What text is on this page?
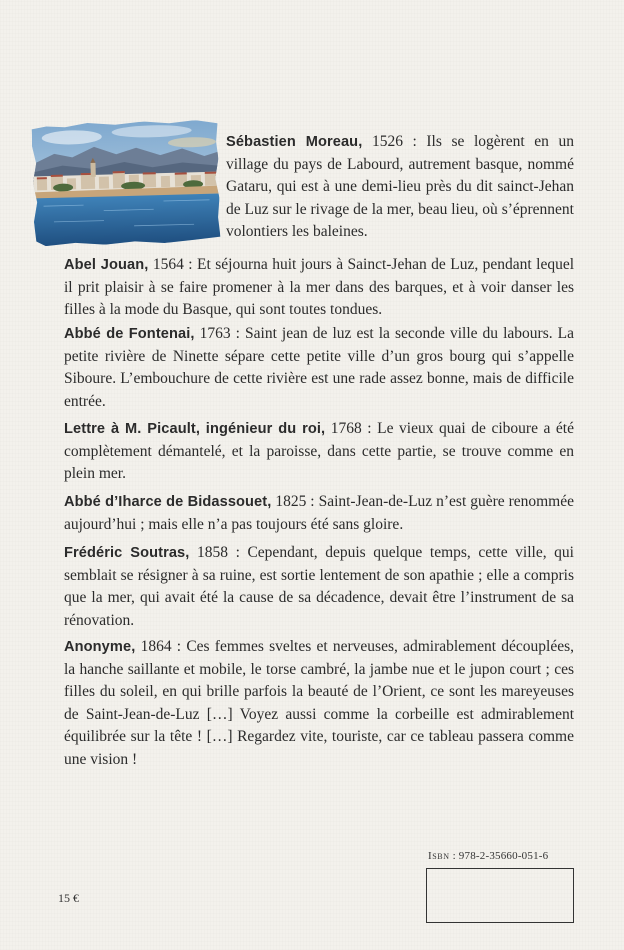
Sébastien Moreau, 1526 : Ils se logèrent en un village du pays de Labourd, autrement basque, nommé Gataru, qui est à une demi-lieu près du dit sainct-Jehan de Luz sur le rivage de la mer, beau lieu, où s’éprennent volontiers les baleines.
Abel Jouan, 1564 : Et séjourna huit jours à Sainct-Jehan de Luz, pendant lequel il prit plaisir à se faire promener à la mer dans des barques, et à voir danser les filles à la mode du Basque, qui sont toutes tondues.
Abbé de Fontenai, 1763 : Saint jean de luz est la seconde ville du labours. La petite rivière de Ninette sépare cette petite ville d’un gros bourg qui s’appelle Siboure. L’embouchure de cette rivière est une rade assez bonne, mais de difficile entrée.
Lettre à M. Picault, ingénieur du roi, 1768 : Le vieux quai de ciboure a été complètement démantelé, et la paroisse, dans cette partie, se trouve comme en plein mer.
Abbé d’Iharce de Bidassouet, 1825 : Saint-Jean-de-Luz n’est guère renommée aujourd’hui ; mais elle n’a pas toujours été sans gloire.
Frédéric Soutras, 1858 : Cependant, depuis quelque temps, cette ville, qui semblait se résigner à sa ruine, est sortie lentement de son apathie ; elle a compris que la mer, qui avait été la cause de sa décadence, devait être l’instrument de sa rénovation.
Anonyme, 1864 : Ces femmes sveltes et nerveuses, admirablement découplées, la hanche saillante et mobile, le torse cambré, la jambe nue et le jupon court ; ces filles du soleil, en qui brille parfois la beauté de l’Orient, ce sont les mareyeuses de Saint-Jean-de-Luz […] Voyez aussi comme la corbeille est admirablement équilibrée sur la tête ! […] Regardez vite, touriste, car ce tableau passera comme une vision !
Isbn : 978-2-35660-051-6
15 €
